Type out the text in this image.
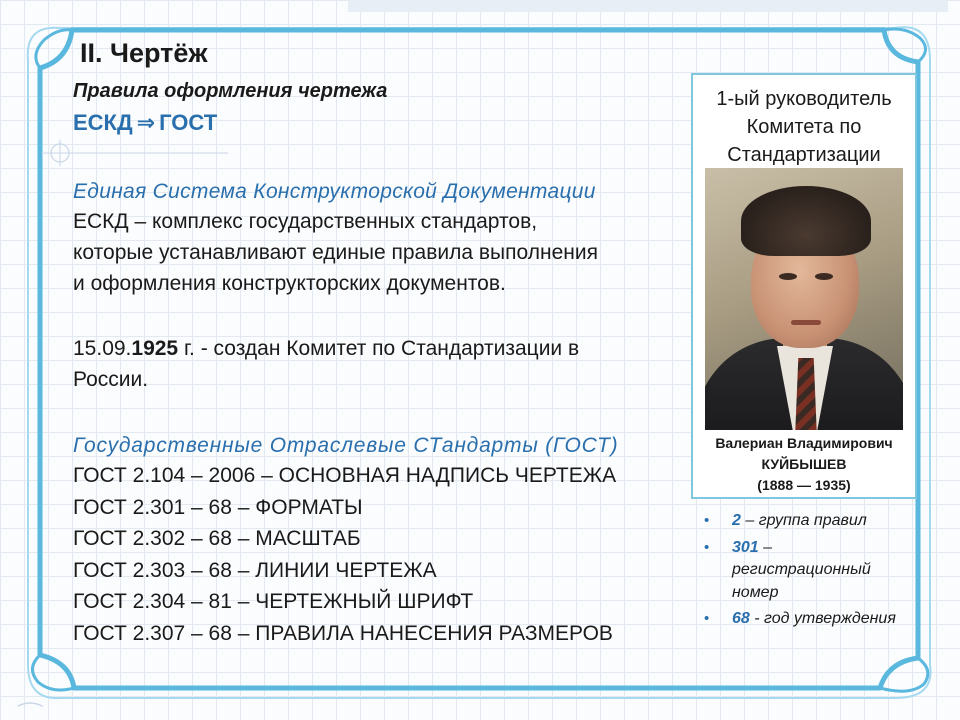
II. Чертёж
Правила оформления чертежа
ЕСКД ⇒ ГОСТ
Единая Система Конструкторской Документации
ЕСКД – комплекс государственных стандартов,
которые устанавливают единые правила выполнения
и оформления конструкторских документов.
15.09.1925 г. - создан Комитет по Стандартизации в
России.
Государственные Отраслевые СТандарты (ГОСТ)
ГОСТ 2.104 – 2006 – ОСНОВНАЯ НАДПИСЬ ЧЕРТЕЖА
ГОСТ 2.301 – 68 – ФОРМАТЫ
ГОСТ 2.302 – 68 – МАСШТАБ
ГОСТ 2.303 – 68 – ЛИНИИ ЧЕРТЕЖА
ГОСТ 2.304 – 81 – ЧЕРТЕЖНЫЙ ШРИФТ
ГОСТ 2.307 – 68 – ПРАВИЛА НАНЕСЕНИЯ РАЗМЕРОВ
1-ый руководитель
Комитета по
Стандартизации
Валериан Владимирович
КУЙБЫШЕВ
(1888 — 1935)
• 2 – группа правил
• 301 – регистрационный номер
• 68 - год утверждения
